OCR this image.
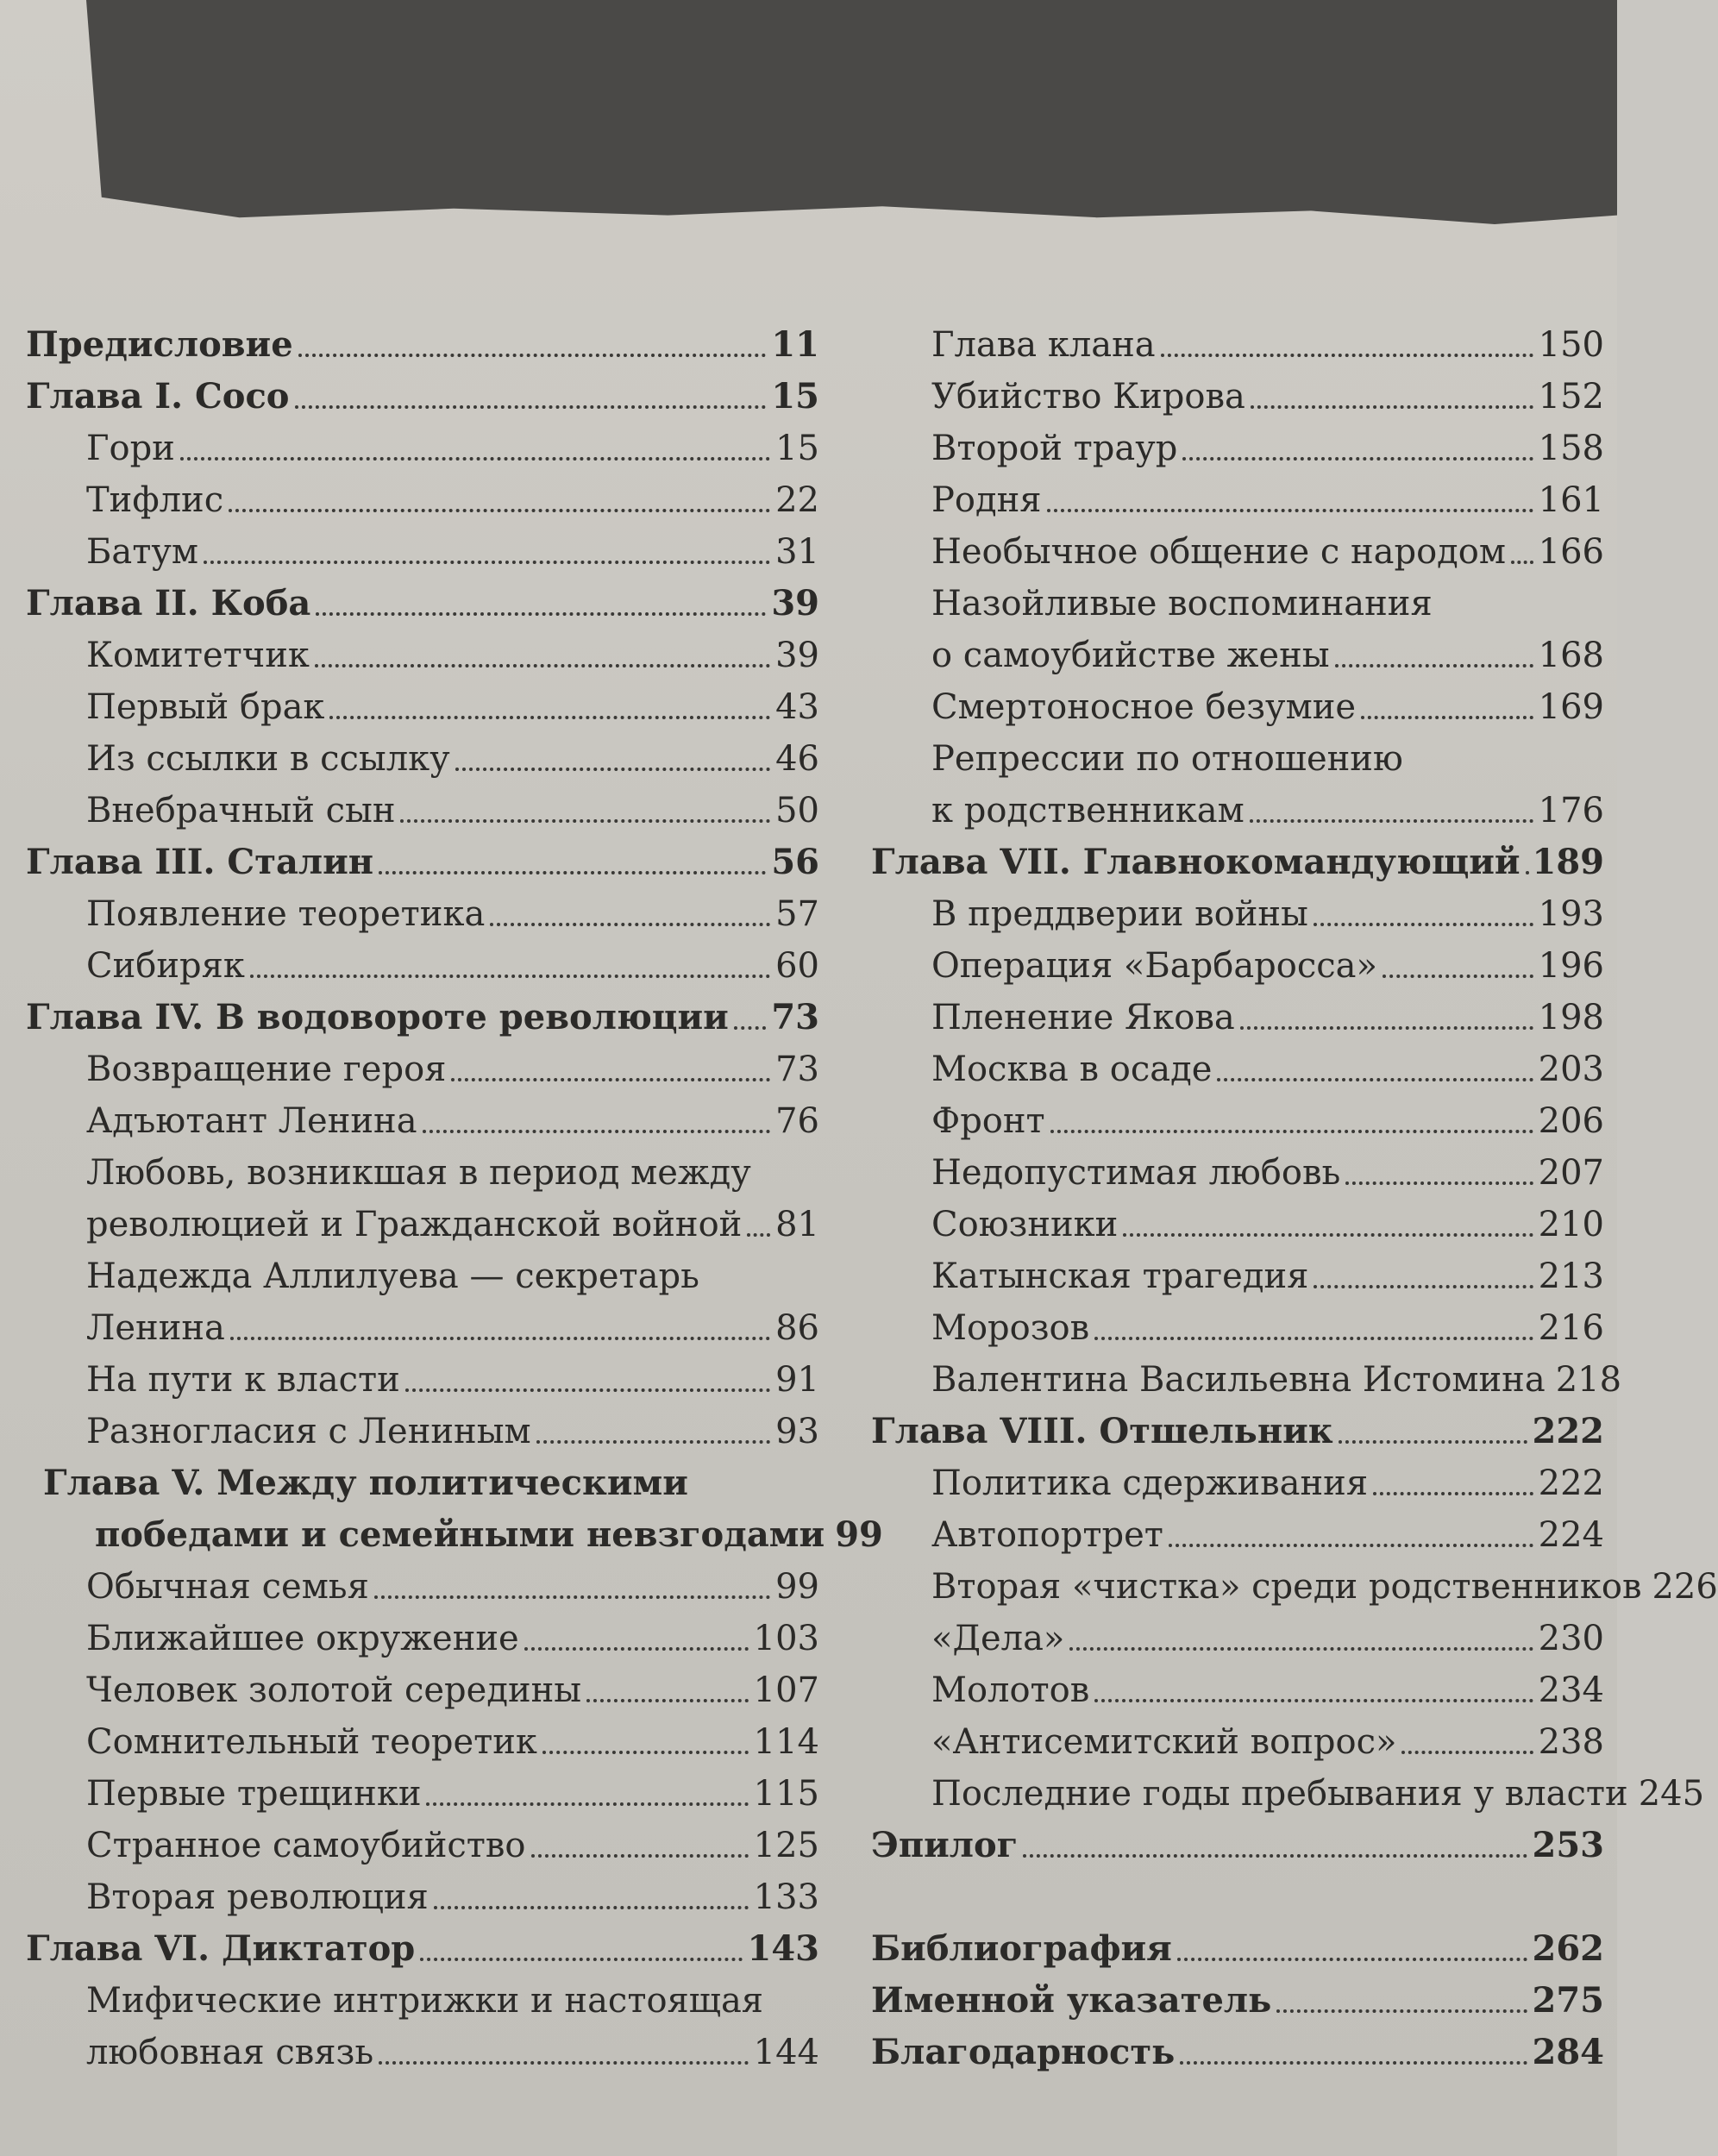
Предисловие	11
Глава I. Сосо	15
Гори	15
Тифлис	22
Батум	31
Глава II. Коба	39
Комитетчик	39
Первый брак	43
Из ссылки в ссылку	46
Внебрачный сын	50
Глава III. Сталин	56
Появление теоретика	57
Сибиряк	60
Глава IV. В водовороте революции 73
Возвращение героя	73
Адъютант Ленина	76
Любовь, возникшая в период между
революцией и Гражданской войной 81
Надежда Аллилуева — секретарь
Ленина	86
На пути к власти	91
Разногласия с Лениным	93
Глава V. Между политическими
победами и семейными невзгодами 99
Обычная семья	99
Ближайшее окружение	103
Человек золотой середины	107
Сомнительный теоретик	114
Первые трещинки	115
Странное самоубийство	125
Вторая революция	133
Глава VI. Диктатор	143
Мифические интрижки и настоящая
любовная связь	144
Глава клана	150
Убийство Кирова	152
Второй траур	158
Родня	161
Необычное общение с народом 166
Назойливые воспоминания
о самоубийстве жены	168
Смертоносное безумие	169
Репрессии по отношению
к родственникам	176
Глава VII. Главнокомандующий 189
В преддверии войны	193
Операция «Барбаросса»	196
Пленение Якова	198
Москва в осаде	203
Фронт	206
Недопустимая любовь	207
Союзники	210
Катынская трагедия	213
Морозов	216
Валентина Васильевна Истомина 218
Глава VIII. Отшельник	222
Политика сдерживания	222
Автопортрет	224
Вторая «чистка» среди родственников 226
«Дела»	230
Молотов	234
«Антисемитский вопрос»	238
Последние годы пребывания у власти 245
Эпилог	253
Библиография	262
Именной указатель	275
Благодарность	284
